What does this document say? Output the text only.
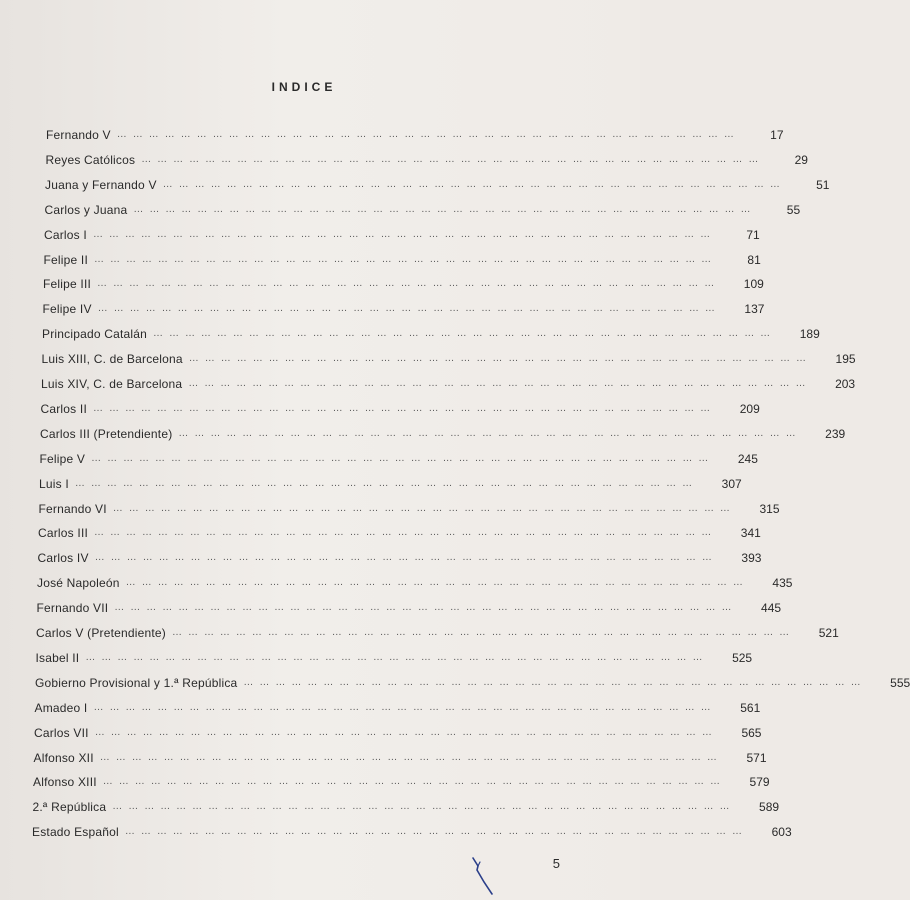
INDICE
Fernando V … … … … … … … … … … … … … … … … … … … … … … … … … … … … … … … … … … … … … … …	17
Reyes Católicos … … … … … … … … … … … … … … … … … … … … … … … … … … … … … … … … … … … … … … …	29
Juana y Fernando V … … … … … … … … … … … … … … … … … … … … … … … … … … … … … … … … … … … … … … …	51
Carlos y Juana … … … … … … … … … … … … … … … … … … … … … … … … … … … … … … … … … … … … … … …	55
Carlos I … … … … … … … … … … … … … … … … … … … … … … … … … … … … … … … … … … … … … … …	71
Felipe II … … … … … … … … … … … … … … … … … … … … … … … … … … … … … … … … … … … … … … …	81
Felipe III … … … … … … … … … … … … … … … … … … … … … … … … … … … … … … … … … … … … … … …	109
Felipe IV … … … … … … … … … … … … … … … … … … … … … … … … … … … … … … … … … … … … … … …	137
Principado Catalán … … … … … … … … … … … … … … … … … … … … … … … … … … … … … … … … … … … … … … …	189
Luis XIII, C. de Barcelona … … … … … … … … … … … … … … … … … … … … … … … … … … … … … … … … … … … … … … …	195
Luis XIV, C. de Barcelona … … … … … … … … … … … … … … … … … … … … … … … … … … … … … … … … … … … … … … …	203
Carlos II … … … … … … … … … … … … … … … … … … … … … … … … … … … … … … … … … … … … … … …	209
Carlos III (Pretendiente) … … … … … … … … … … … … … … … … … … … … … … … … … … … … … … … … … … … … … … …	239
Felipe V … … … … … … … … … … … … … … … … … … … … … … … … … … … … … … … … … … … … … … …	245
Luis I … … … … … … … … … … … … … … … … … … … … … … … … … … … … … … … … … … … … … … …	307
Fernando VI … … … … … … … … … … … … … … … … … … … … … … … … … … … … … … … … … … … … … … …	315
Carlos III … … … … … … … … … … … … … … … … … … … … … … … … … … … … … … … … … … … … … … …	341
Carlos IV … … … … … … … … … … … … … … … … … … … … … … … … … … … … … … … … … … … … … … …	393
José Napoleón … … … … … … … … … … … … … … … … … … … … … … … … … … … … … … … … … … … … … … …	435
Fernando VII … … … … … … … … … … … … … … … … … … … … … … … … … … … … … … … … … … … … … … …	445
Carlos V (Pretendiente) … … … … … … … … … … … … … … … … … … … … … … … … … … … … … … … … … … … … … … …	521
Isabel II … … … … … … … … … … … … … … … … … … … … … … … … … … … … … … … … … … … … … … …	525
Gobierno Provisional y 1.ª República … … … … … … … … … … … … … … … … … … … … … … … … … … … … … … … … … … … … … … …	555
Amadeo I … … … … … … … … … … … … … … … … … … … … … … … … … … … … … … … … … … … … … … …	561
Carlos VII … … … … … … … … … … … … … … … … … … … … … … … … … … … … … … … … … … … … … … …	565
Alfonso XII … … … … … … … … … … … … … … … … … … … … … … … … … … … … … … … … … … … … … … …	571
Alfonso XIII … … … … … … … … … … … … … … … … … … … … … … … … … … … … … … … … … … … … … … …	579
2.ª República … … … … … … … … … … … … … … … … … … … … … … … … … … … … … … … … … … … … … … …	589
Estado Español … … … … … … … … … … … … … … … … … … … … … … … … … … … … … … … … … … … … … … …	603
5
